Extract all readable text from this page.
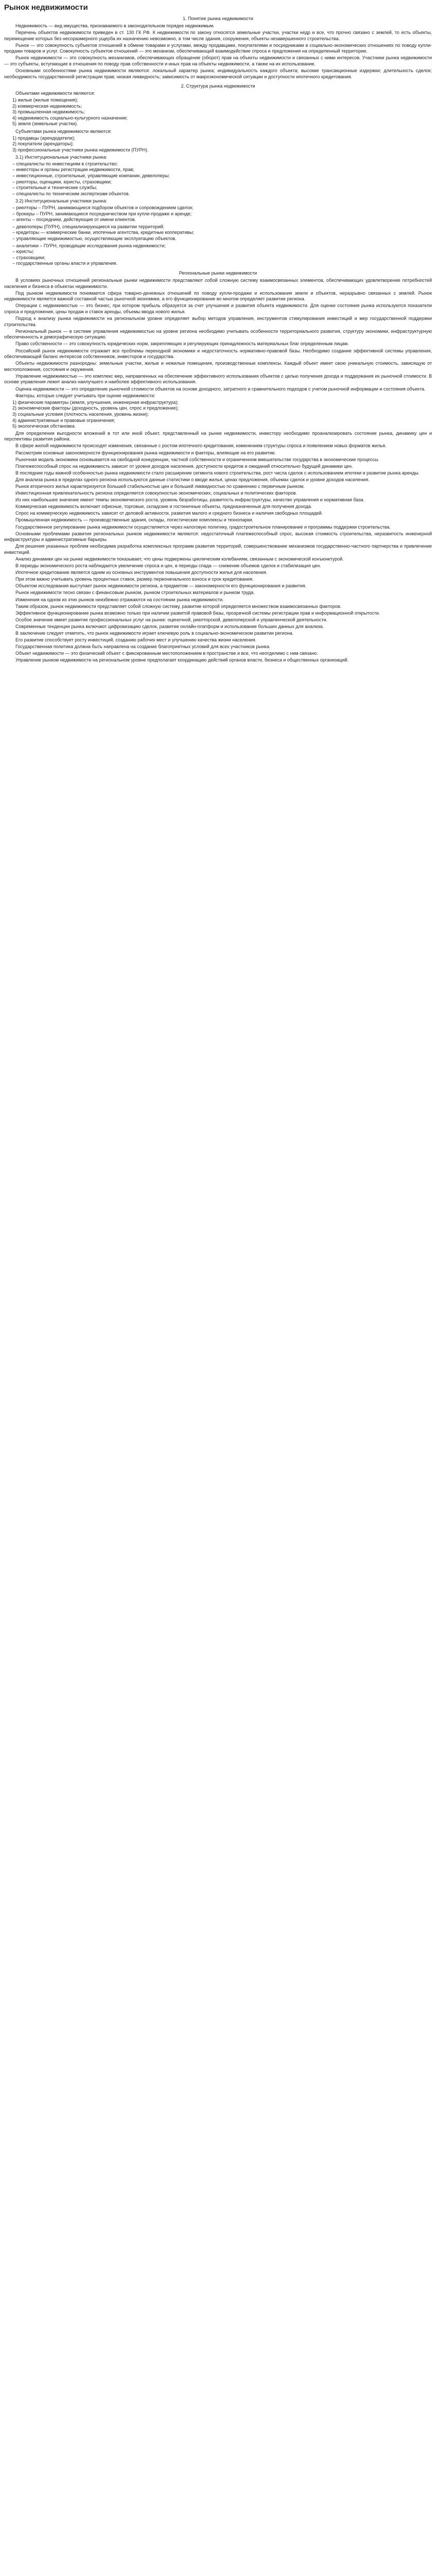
Рынок недвижимости
1. Понятие рынка недвижимости

Недвижимость — вид имущества, признаваемого в законодательном порядке недвижимым.

Перечень объектов недвижимости приведен в ст. 130 ГК РФ. К недвижимости по закону относятся земельные участки, участки недр и все, что прочно связано с землей, то есть объекты, перемещение которых без несоразмерного ущерба их назначению невозможно, в том числе здания, сооружения, объекты незавершенного строительства.

Рынок — это совокупность субъектов отношений в обмене товарами и услугами, между продавцами, покупателями и посредниками в социально-экономических отношениях по поводу купли-продажи товаров и услуг. Совокупность субъектов отношений — это механизм, обеспечивающий взаимодействие спроса и предложения на определенный территории.

Рынок недвижимости — это совокупность механизмов, обеспечивающих обращение (оборот) прав на объекты недвижимости и связанных с ними интересов. Участники рынка недвижимости — это субъекты, вступающие в отношения по поводу прав собственности и иных прав на объекты недвижимости, а также на их использование.

Основными особенностями рынка недвижимости являются: локальный характер рынка; индивидуальность каждого объекта; высокие трансакционные издержки; длительность сделок; необходимость государственной регистрации прав; низкая ликвидность; зависимость от макроэкономической ситуации и доступности ипотечного кредитования.

2. Структура рынка недвижимости
Объектами недвижимости являются:
1) жилые (жилые помещения);
2) коммерческая недвижимость;
3) промышленная недвижимость;
4) недвижимость социально-культурного назначения;
5) земля (земельные участки).
Субъектами рынка недвижимости являются:
1) продавцы (арендодатели);
2) покупатели (арендаторы);
3) профессиональные участники рынка недвижимости (ПУРН).
3.1) Институциональные участники рынка:
– специалисты по инвестициям в строительство;
– инвесторы и органы регистрации недвижимости, прав;
– инвестиционные, строительные, управляющие компании, девелоперы;
– риелторы, оценщики, юристы, страховщики;
– строительные и технические службы;
– специалисты по техническим экспертизам объектов.
3.2) Институциональные участники рынка:
– риелторы – ПУРН, занимающиеся подбором объектов и сопровождением сделок;
– брокеры – ПУРН, занимающиеся посредничеством при купле-продаже и аренде;
– агенты – посредники, действующие от имени клиентов.
– девелоперы (ПУРН), специализирующиеся на развитии территорий;
– кредиторы — коммерческие банки, ипотечные агентства, кредитные кооперативы;
– управляющие недвижимостью, осуществляющие эксплуатацию объектов.
– аналитики – ПУРН, проводящие исследования рынка недвижимости;
– юристы;
– страховщики;
– государственные органы власти и управления.
Региональные рынки недвижимости

В условиях рыночных отношений региональные рынки недвижимости представляют собой сложную систему взаимосвязанных элементов, обеспечивающих удовлетворение потребностей населения и бизнеса в объектах недвижимости.

Под рынком недвижимости понимается сфера товарно-денежных отношений по поводу купли-продажи и использования земли и объектов, неразрывно связанных с землей. Рынок недвижимости является важной составной частью рыночной экономики, а его функционирование во многом определяет развитие региона.

Операции с недвижимостью — это бизнес, при котором прибыль образуется за счет улучшения и развития объекта недвижимости. Для оценки состояния рынка используются показатели спроса и предложения, цены продаж и ставок аренды, объемы ввода нового жилья.

Подход к анализу рынка недвижимости на региональном уровне определяет выбор методов управления, инструментов стимулирования инвестиций и мер государственной поддержки строительства.

Региональный рынок — в системе управления недвижимостью на уровне региона необходимо учитывать особенности территориального развития, структуру экономики, инфраструктурную обеспеченность и демографическую ситуацию.

Право собственности — это совокупность юридических норм, закрепляющих и регулирующих принадлежность материальных благ определенным лицам.

Российский рынок недвижимости отражает все проблемы переходной экономики и недостаточность нормативно-правовой базы. Необходимо создание эффективной системы управления, обеспечивающей баланс интересов собственников, инвесторов и государства.

Объекты недвижимости разнородны: земельные участки, жилые и нежилые помещения, производственные комплексы. Каждый объект имеет свою уникальную стоимость, зависящую от местоположения, состояния и окружения.

Управление недвижимостью — это комплекс мер, направленных на обеспечение эффективного использования объектов с целью получения дохода и поддержания их рыночной стоимости. В основе управления лежит анализ наилучшего и наиболее эффективного использования.

Оценка недвижимости — это определение рыночной стоимости объектов на основе доходного, затратного и сравнительного подходов с учетом рыночной информации и состояния объекта.

Факторы, которые следует учитывать при оценке недвижимости:

1) физические параметры (земля, улучшения, инженерная инфраструктура);
2) экономические факторы (доходность, уровень цен, спрос и предложение);
3) социальные условия (плотность населения, уровень жизни);
4) административные и правовые ограничения;
5) экологическая обстановка.

Для определения выгодности вложений в тот или иной объект, представленный на рынке недвижимости, инвестору необходимо проанализировать состояние рынка, динамику цен и перспективы развития района.

В сфере жилой недвижимости происходят изменения, связанные с ростом ипотечного кредитования, изменением структуры спроса и появлением новых форматов жилья.

Рассмотрим основные закономерности функционирования рынка недвижимости и факторы, влияющие на его развитие.

Рыночная модель экономики основывается на свободной конкуренции, частной собственности и ограниченном вмешательстве государства в экономические процессы.

Платежеспособный спрос на недвижимость зависит от уровня доходов населения, доступности кредитов и ожиданий относительно будущей динамики цен.

В последние годы важной особенностью рынка недвижимости стало расширение сегмента нового строительства, рост числа сделок с использованием ипотеки и развитие рынка аренды.

Для анализа рынка в пределах одного региона используются данные статистики о вводе жилья, ценах предложения, объемах сделок и уровне доходов населения.

Рынок вторичного жилья характеризуется большей стабильностью цен и большей ликвидностью по сравнению с первичным рынком.

Инвестиционная привлекательность региона определяется совокупностью экономических, социальных и политических факторов.

Из них наибольшее значение имеют темпы экономического роста, уровень безработицы, развитость инфраструктуры, качество управления и нормативная база.

Коммерческая недвижимость включает офисные, торговые, складские и гостиничные объекты, предназначенные для получения дохода.

Спрос на коммерческую недвижимость зависит от деловой активности, развития малого и среднего бизнеса и наличия свободных площадей.

Промышленная недвижимость — производственные здания, склады, логистические комплексы и технопарки.

Государственное регулирование рынка недвижимости осуществляется через налоговую политику, градостроительное планирование и программы поддержки строительства.

Основными проблемами развития региональных рынков недвижимости являются: недостаточный платежеспособный спрос, высокая стоимость строительства, неразвитость инженерной инфраструктуры и административные барьеры.

Для решения указанных проблем необходима разработка комплексных программ развития территорий, совершенствование механизмов государственно-частного партнерства и привлечение инвестиций.

Анализ динамики цен на рынке недвижимости показывает, что цены подвержены циклическим колебаниям, связанным с экономической конъюнктурой.

В периоды экономического роста наблюдается увеличение спроса и цен, в периоды спада — снижение объемов сделок и стабилизация цен.

Ипотечное кредитование является одним из основных инструментов повышения доступности жилья для населения.

При этом важно учитывать уровень процентных ставок, размер первоначального взноса и срок кредитования.

Объектом исследования выступает рынок недвижимости региона, а предметом — закономерности его функционирования и развития.

Рынок недвижимости тесно связан с финансовым рынком, рынком строительных материалов и рынком труда.

Изменения на одном из этих рынков неизбежно отражаются на состоянии рынка недвижимости.

Таким образом, рынок недвижимости представляет собой сложную систему, развитие которой определяется множеством взаимосвязанных факторов.

Эффективное функционирование рынка возможно только при наличии развитой правовой базы, прозрачной системы регистрации прав и информационной открытости.

Особое значение имеет развитие профессиональных услуг на рынке: оценочной, риелторской, девелоперской и управленческой деятельности.

Современные тенденции рынка включают цифровизацию сделок, развитие онлайн-платформ и использование больших данных для анализа.

В заключение следует отметить, что рынок недвижимости играет ключевую роль в социально-экономическом развитии региона.

Его развитие способствует росту инвестиций, созданию рабочих мест и улучшению качества жизни населения.

Государственная политика должна быть направлена на создание благоприятных условий для всех участников рынка.

Объект недвижимости — это физический объект с фиксированным местоположением в пространстве и все, что неотделимо с ним связано.

Управление рынком недвижимости на региональном уровне предполагает координацию действий органов власти, бизнеса и общественных организаций.
